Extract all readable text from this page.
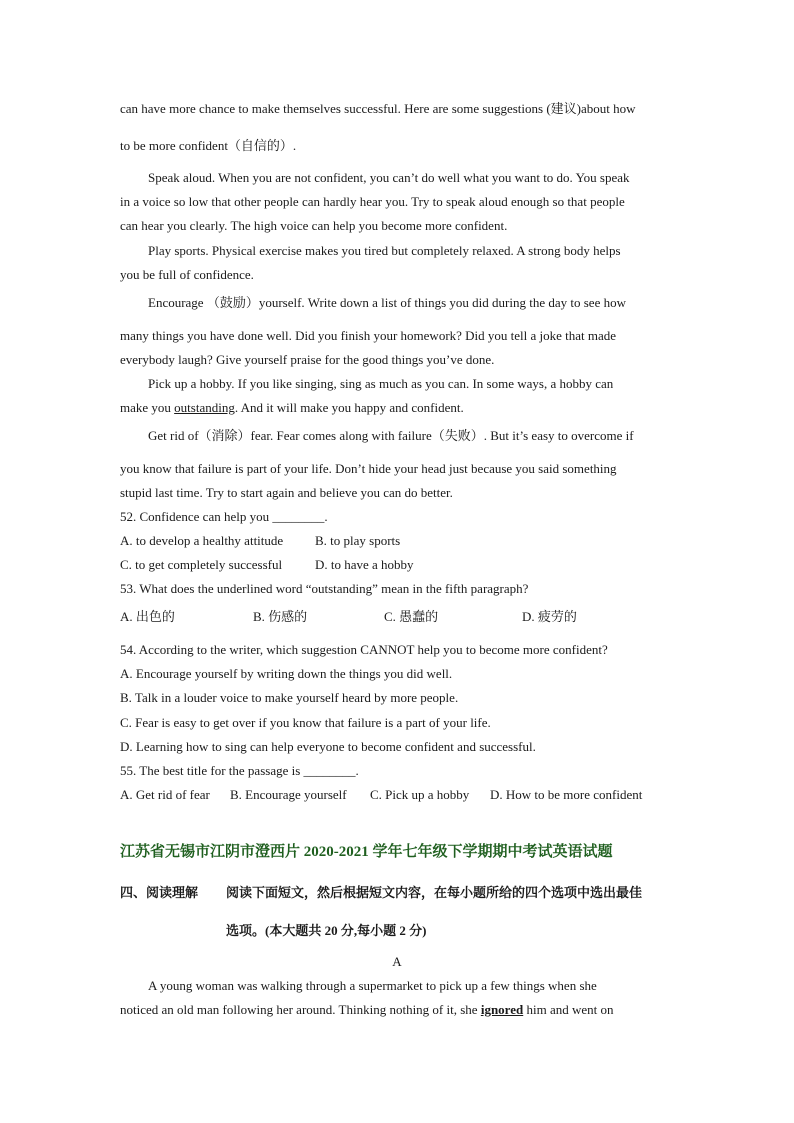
can have more chance to make themselves successful. Here are some suggestions (建议)about how
to be more confident（自信的）.
Speak aloud. When you are not confident, you can’t do well what you want to do. You speak
in a voice so low that other people can hardly hear you. Try to speak aloud enough so that people
can hear you clearly. The high voice can help you become more confident.
Play sports. Physical exercise makes you tired but completely relaxed. A strong body helps
you be full of confidence.
Encourage （鼓励）yourself. Write down a list of things you did during the day to see how
many things you have done well. Did you finish your homework? Did you tell a joke that made
everybody laugh? Give yourself praise for the good things you’ve done.
Pick up a hobby. If you like singing, sing as much as you can. In some ways, a hobby can
make you outstanding. And it will make you happy and confident.
Get rid of（消除）fear. Fear comes along with failure（失败）. But it’s easy to overcome if
you know that failure is part of your life. Don’t hide your head just because you said something
stupid last time. Try to start again and believe you can do better.
52. Confidence can help you ________.
A. to develop a healthy attitude B. to play sports
C. to get completely successful	D. to have a hobby
53. What does the underlined word “outstanding” mean in the fifth paragraph?
A. 出色的	B. 伤感的	C. 愚蠢的	D. 疲劳的
54. According to the writer, which suggestion CANNOT help you to become more confident?
A. Encourage yourself by writing down the things you did well.
B. Talk in a louder voice to make yourself heard by more people.
C. Fear is easy to get over if you know that failure is a part of your life.
D. Learning how to sing can help everyone to become confident and successful.
55. The best title for the passage is ________.
A. Get rid of fear B. Encourage yourself C. Pick up a hobby D. How to be more confident
江苏省无锡市江阴市澄西片 2020-2021 学年七年级下学期期中考试英语试题
四、阅读理解 阅读下面短文，然后根据短文内容，在每小题所给的四个选项中选出最佳
选项。(本大题共 20 分,每小题 2 分)
A
A young woman was walking through a supermarket to pick up a few things when she
noticed an old man following her around. Thinking nothing of it, she ignored him and went on
